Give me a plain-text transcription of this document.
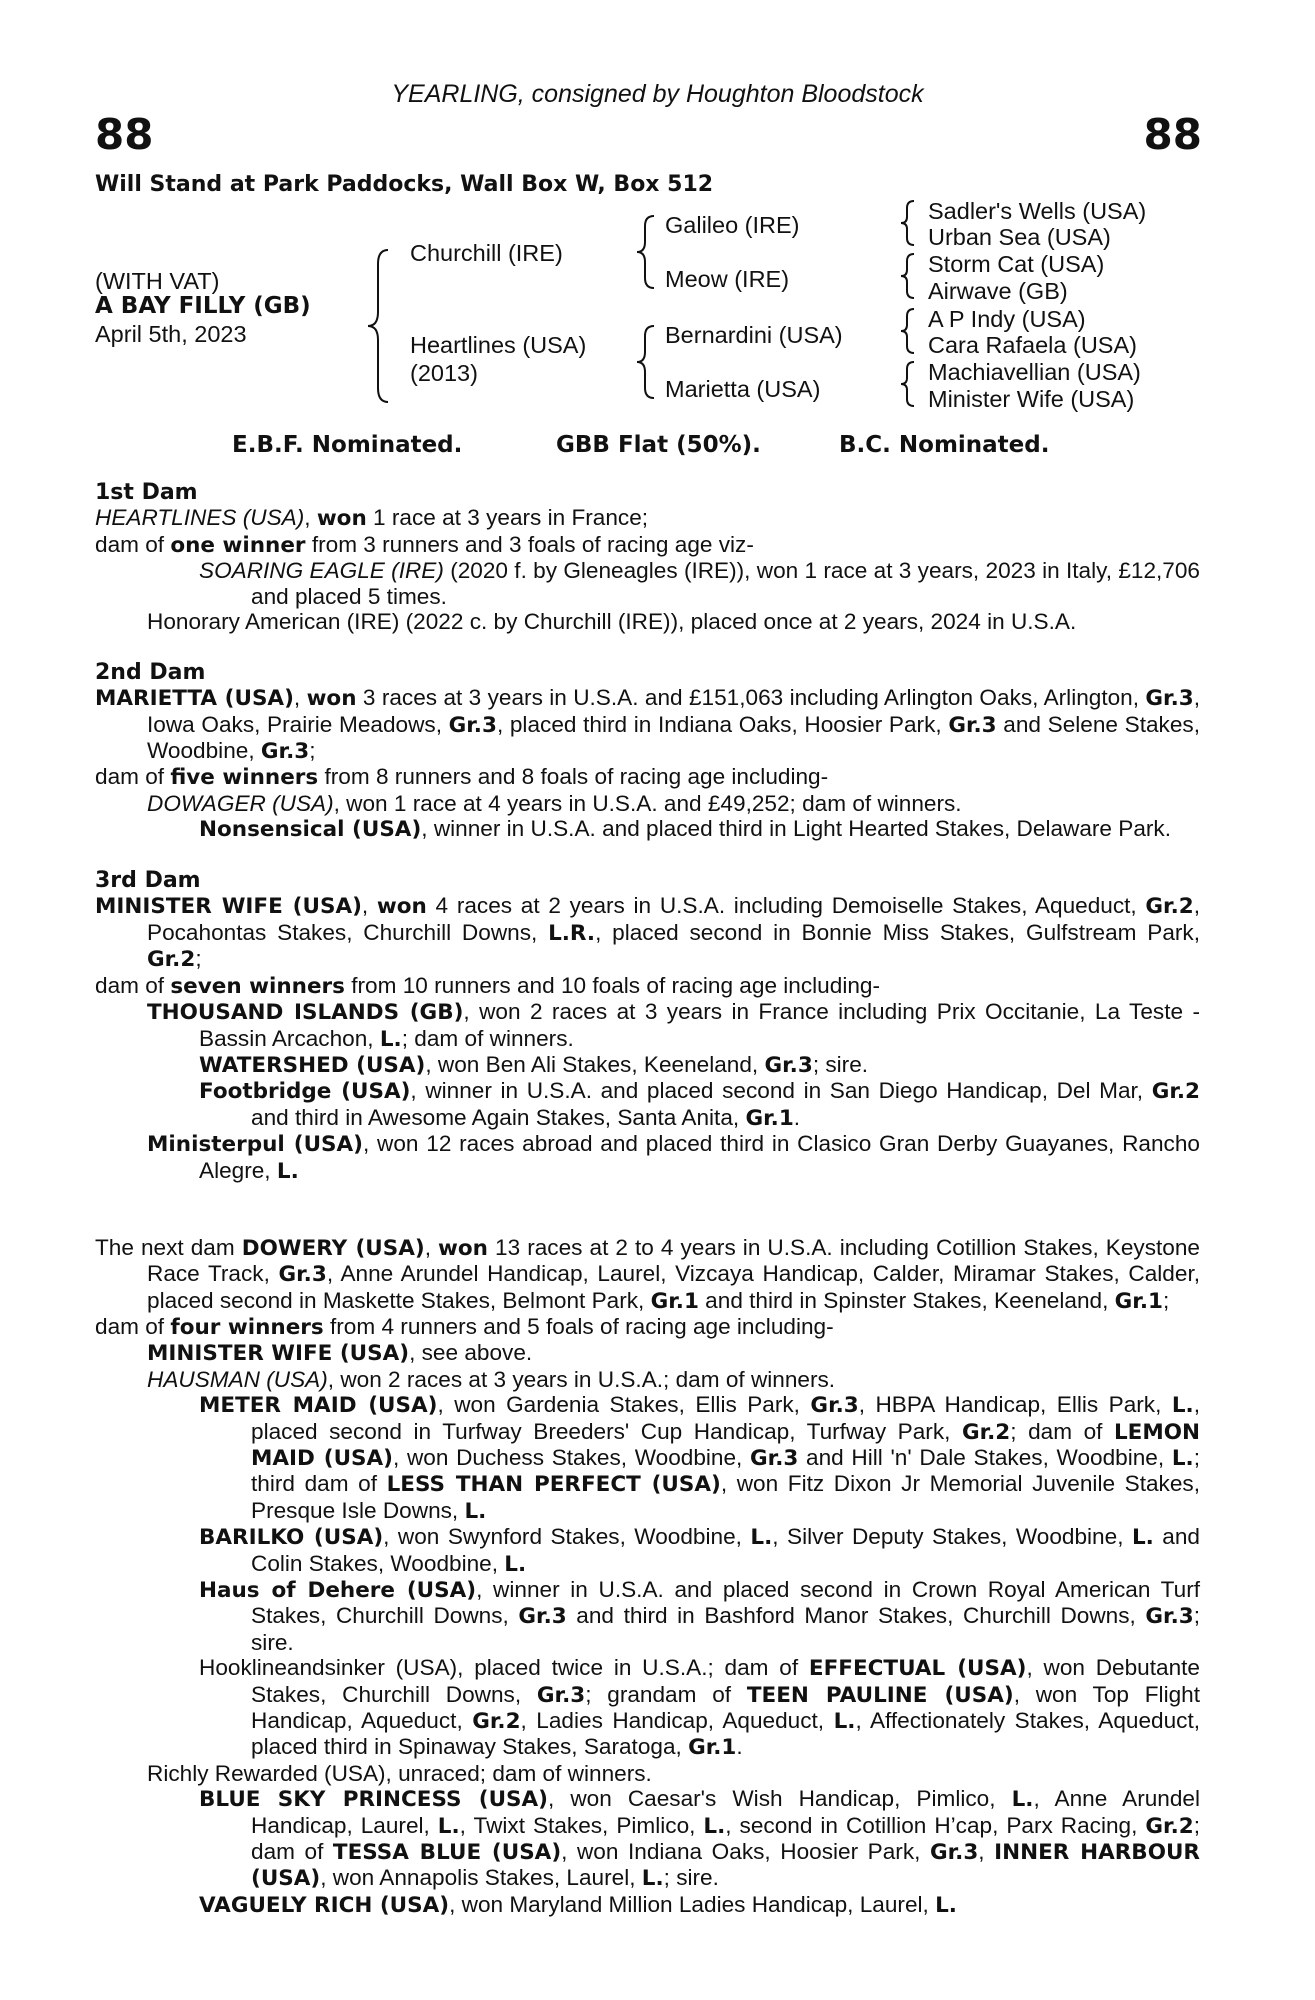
YEARLING, consigned by Houghton Bloodstock
88	88
Will Stand at Park Paddocks, Wall Box W, Box 512
(WITH VAT)
A BAY FILLY (GB)
April 5th, 2023
Churchill (IRE)
Heartlines (USA)
(2013)
Galileo (IRE)
Meow (IRE)
Bernardini (USA)
Marietta (USA)
Sadler's Wells (USA)
Urban Sea (USA)
Storm Cat (USA)
Airwave (GB)
A P Indy (USA)
Cara Rafaela (USA)
Machiavellian (USA)
Minister Wife (USA)
E.B.F. Nominated.	GBB Flat (50%).	B.C. Nominated.

1st Dam

HEARTLINES (USA), won 1 race at 3 years in France;

dam of one winner from 3 runners and 3 foals of racing age viz-

SOARING EAGLE (IRE) (2020 f. by Gleneagles (IRE)), won 1 race at 3 years, 2023 in Italy, £12,706 and placed 5 times.

Honorary American (IRE) (2022 c. by Churchill (IRE)), placed once at 2 years, 2024 in U.S.A.

2nd Dam

MARIETTA (USA), won 3 races at 3 years in U.S.A. and £151,063 including Arlington Oaks, Arlington, Gr.3, Iowa Oaks, Prairie Meadows, Gr.3, placed third in Indiana Oaks, Hoosier Park, Gr.3 and Selene Stakes, Woodbine, Gr.3;

dam of five winners from 8 runners and 8 foals of racing age including-

DOWAGER (USA), won 1 race at 4 years in U.S.A. and £49,252; dam of winners.

Nonsensical (USA), winner in U.S.A. and placed third in Light Hearted Stakes, Delaware Park.

3rd Dam

MINISTER WIFE (USA), won 4 races at 2 years in U.S.A. including Demoiselle Stakes, Aqueduct, Gr.2, Pocahontas Stakes, Churchill Downs, L.R., placed second in Bonnie Miss Stakes, Gulfstream Park, Gr.2;

dam of seven winners from 10 runners and 10 foals of racing age including-

THOUSAND ISLANDS (GB), won 2 races at 3 years in France including Prix Occitanie, La Teste - Bassin Arcachon, L.; dam of winners.

WATERSHED (USA), won Ben Ali Stakes, Keeneland, Gr.3; sire.

Footbridge (USA), winner in U.S.A. and placed second in San Diego Handicap, Del Mar, Gr.2 and third in Awesome Again Stakes, Santa Anita, Gr.1.

Ministerpul (USA), won 12 races abroad and placed third in Clasico Gran Derby Guayanes, Rancho Alegre, L.

The next dam DOWERY (USA), won 13 races at 2 to 4 years in U.S.A. including Cotillion Stakes, Keystone Race Track, Gr.3, Anne Arundel Handicap, Laurel, Vizcaya Handicap, Calder, Miramar Stakes, Calder, placed second in Maskette Stakes, Belmont Park, Gr.1 and third in Spinster Stakes, Keeneland, Gr.1;

dam of four winners from 4 runners and 5 foals of racing age including-

MINISTER WIFE (USA), see above.

HAUSMAN (USA), won 2 races at 3 years in U.S.A.; dam of winners.

METER MAID (USA), won Gardenia Stakes, Ellis Park, Gr.3, HBPA Handicap, Ellis Park, L., placed second in Turfway Breeders' Cup Handicap, Turfway Park, Gr.2; dam of LEMON MAID (USA), won Duchess Stakes, Woodbine, Gr.3 and Hill 'n' Dale Stakes, Woodbine, L.; third dam of LESS THAN PERFECT (USA), won Fitz Dixon Jr Memorial Juvenile Stakes, Presque Isle Downs, L.

BARILKO (USA), won Swynford Stakes, Woodbine, L., Silver Deputy Stakes, Woodbine, L. and Colin Stakes, Woodbine, L.

Haus of Dehere (USA), winner in U.S.A. and placed second in Crown Royal American Turf Stakes, Churchill Downs, Gr.3 and third in Bashford Manor Stakes, Churchill Downs, Gr.3; sire.

Hooklineandsinker (USA), placed twice in U.S.A.; dam of EFFECTUAL (USA), won Debutante Stakes, Churchill Downs, Gr.3; grandam of TEEN PAULINE (USA), won Top Flight Handicap, Aqueduct, Gr.2, Ladies Handicap, Aqueduct, L., Affectionately Stakes, Aqueduct, placed third in Spinaway Stakes, Saratoga, Gr.1.

Richly Rewarded (USA), unraced; dam of winners.

BLUE SKY PRINCESS (USA), won Caesar's Wish Handicap, Pimlico, L., Anne Arundel Handicap, Laurel, L., Twixt Stakes, Pimlico, L., second in Cotillion H’cap, Parx Racing, Gr.2; dam of TESSA BLUE (USA), won Indiana Oaks, Hoosier Park, Gr.3, INNER HARBOUR (USA), won Annapolis Stakes, Laurel, L.; sire.

VAGUELY RICH (USA), won Maryland Million Ladies Handicap, Laurel, L.
